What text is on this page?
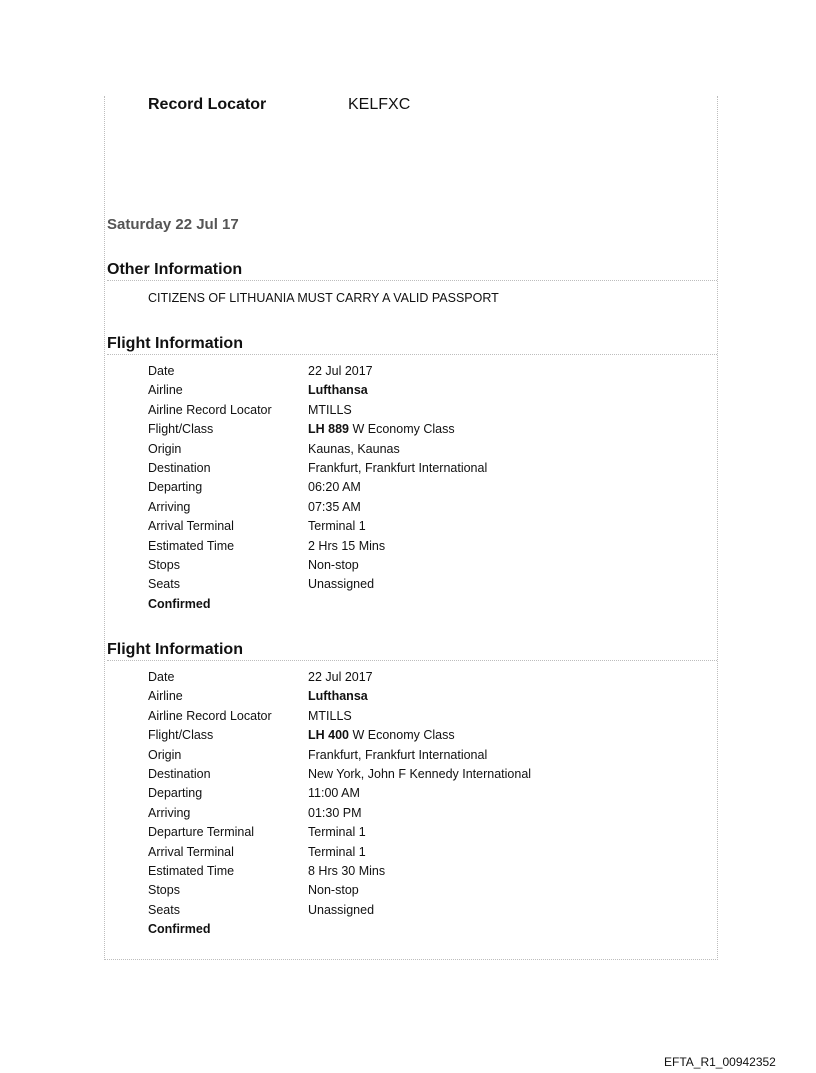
Record Locator	KELFXC
Saturday 22 Jul 17
Other Information
CITIZENS OF LITHUANIA MUST CARRY A VALID PASSPORT
Flight Information
Date	22 Jul 2017
Airline	Lufthansa
Airline Record Locator	MTILLS
Flight/Class	LH 889 W Economy Class
Origin	Kaunas, Kaunas
Destination	Frankfurt, Frankfurt International
Departing	06:20 AM
Arriving	07:35 AM
Arrival Terminal	Terminal 1
Estimated Time	2 Hrs 15 Mins
Stops	Non-stop
Seats	Unassigned
Confirmed
Flight Information
Date	22 Jul 2017
Airline	Lufthansa
Airline Record Locator	MTILLS
Flight/Class	LH 400 W Economy Class
Origin	Frankfurt, Frankfurt International
Destination	New York, John F Kennedy International
Departing	11:00 AM
Arriving	01:30 PM
Departure Terminal	Terminal 1
Arrival Terminal	Terminal 1
Estimated Time	8 Hrs 30 Mins
Stops	Non-stop
Seats	Unassigned
Confirmed
EFTA_R1_00942352
